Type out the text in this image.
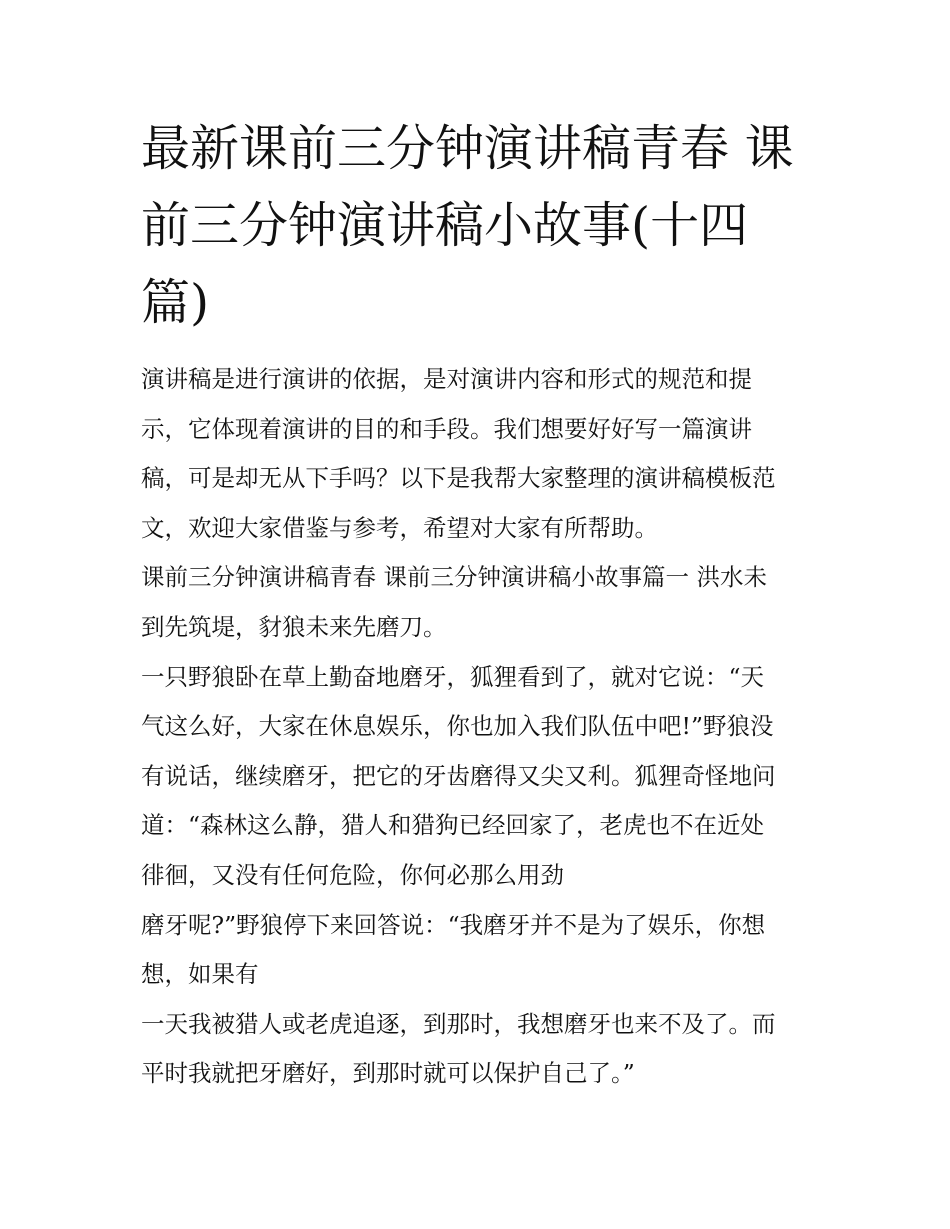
最新课前三分钟演讲稿青春 课
前三分钟演讲稿小故事(十四
篇)

演讲稿是进行演讲的依据，是对演讲内容和形式的规范和提
示，它体现着演讲的目的和手段。我们想要好好写一篇演讲
稿，可是却无从下手吗？以下是我帮大家整理的演讲稿模板范
文，欢迎大家借鉴与参考，希望对大家有所帮助。

课前三分钟演讲稿青春 课前三分钟演讲稿小故事篇一 洪水未
到先筑堤，豺狼未来先磨刀。

一只野狼卧在草上勤奋地磨牙，狐狸看到了，就对它说：“天
气这么好，大家在休息娱乐，你也加入我们队伍中吧!”野狼没
有说话，继续磨牙，把它的牙齿磨得又尖又利。狐狸奇怪地问
道：“森林这么静，猎人和猎狗已经回家了，老虎也不在近处
徘徊，又没有任何危险，你何必那么用劲

磨牙呢?”野狼停下来回答说：“我磨牙并不是为了娱乐，你想
想，如果有

一天我被猎人或老虎追逐，到那时，我想磨牙也来不及了。而
平时我就把牙磨好，到那时就可以保护自己了。”
